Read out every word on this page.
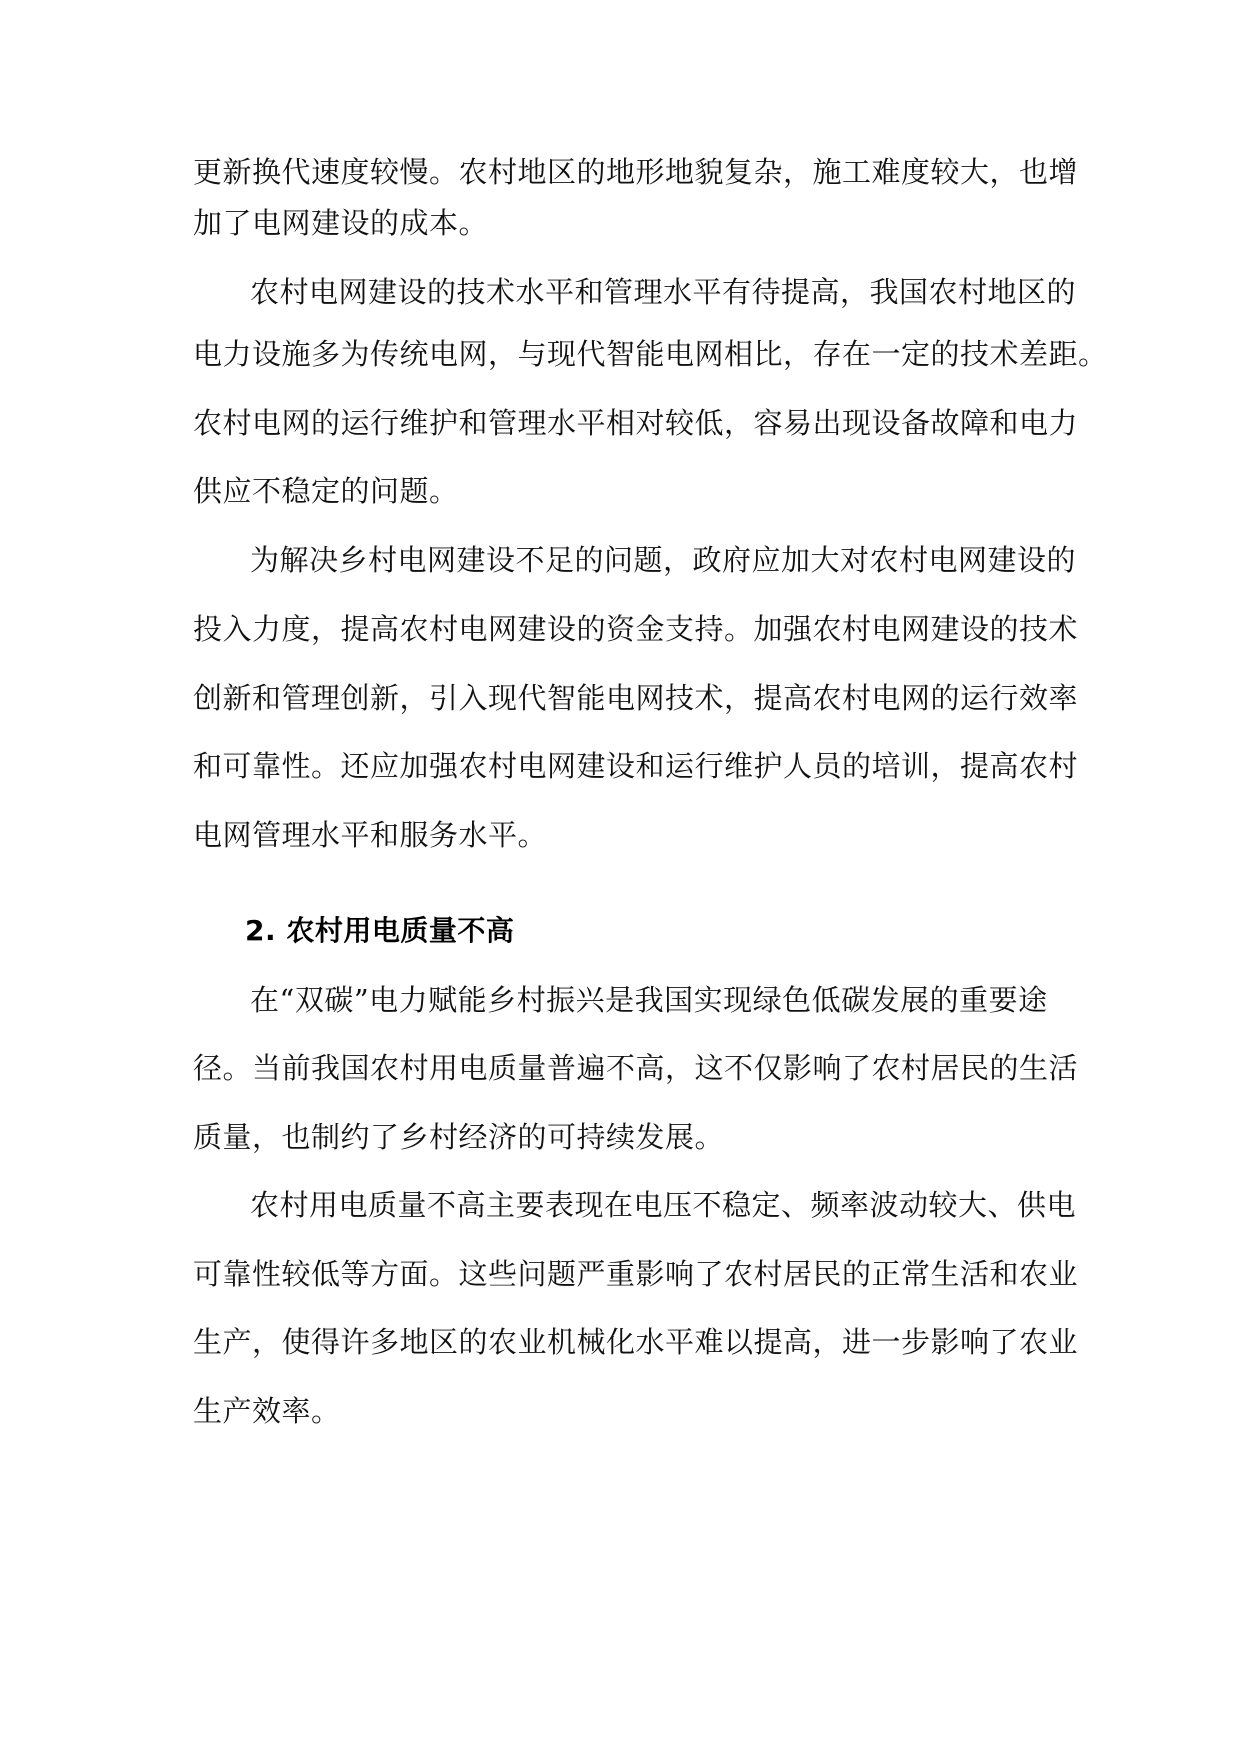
更新换代速度较慢。农村地区的地形地貌复杂，施工难度较大，也增
加了电网建设的成本。
农村电网建设的技术水平和管理水平有待提高，我国农村地区的
电力设施多为传统电网，与现代智能电网相比，存在一定的技术差距。
农村电网的运行维护和管理水平相对较低，容易出现设备故障和电力
供应不稳定的问题。
为解决乡村电网建设不足的问题，政府应加大对农村电网建设的
投入力度，提高农村电网建设的资金支持。加强农村电网建设的技术
创新和管理创新，引入现代智能电网技术，提高农村电网的运行效率
和可靠性。还应加强农村电网建设和运行维护人员的培训，提高农村
电网管理水平和服务水平。
2. 农村用电质量不高
在“双碳”电力赋能乡村振兴是我国实现绿色低碳发展的重要途
径。当前我国农村用电质量普遍不高，这不仅影响了农村居民的生活
质量，也制约了乡村经济的可持续发展。
农村用电质量不高主要表现在电压不稳定、频率波动较大、供电
可靠性较低等方面。这些问题严重影响了农村居民的正常生活和农业
生产，使得许多地区的农业机械化水平难以提高，进一步影响了农业
生产效率。
